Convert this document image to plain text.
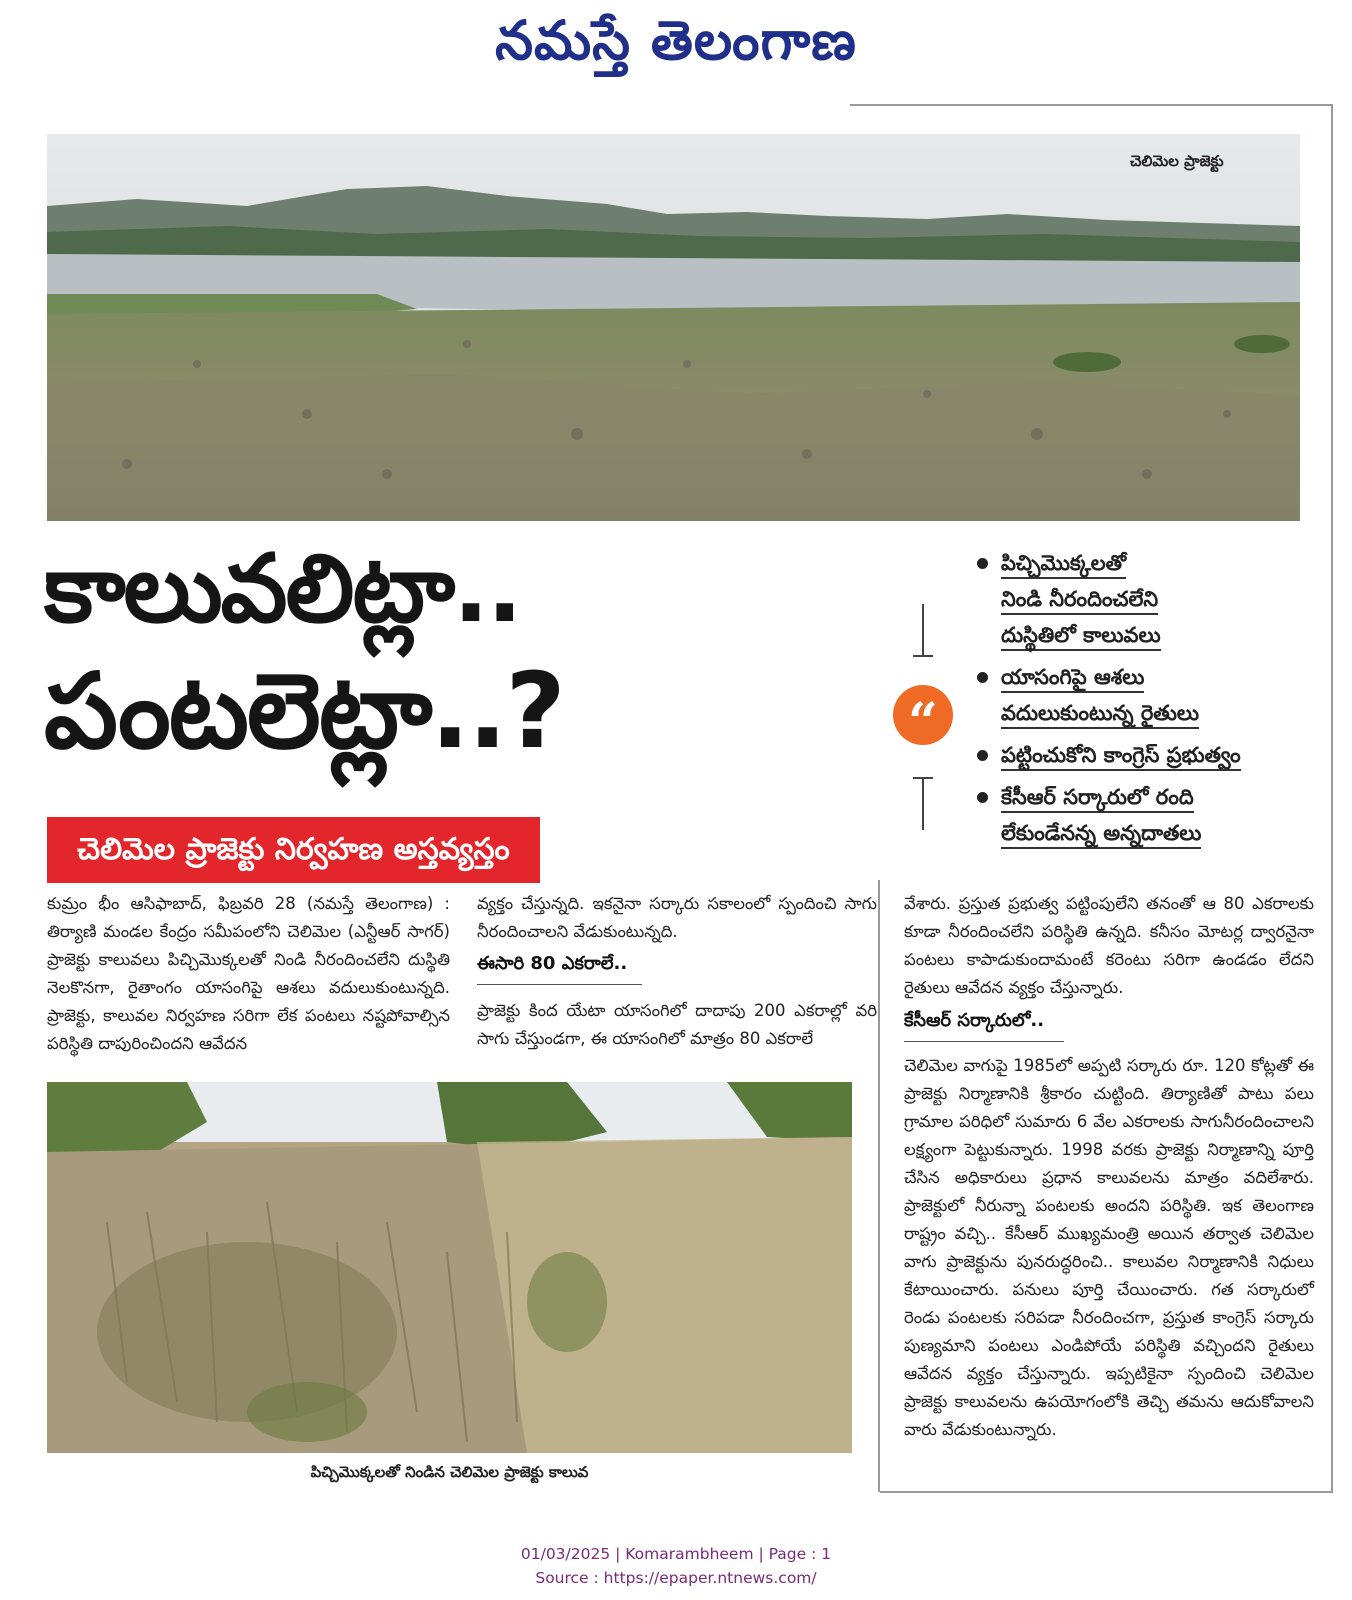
నమస్తే తెలంగాణ
చెలిమెల ప్రాజెక్టు
కాలువలిట్లా..
పంటలెట్లా..?
చెలిమెల ప్రాజెక్టు నిర్వహణ అస్తవ్యస్తం
“
పిచ్చిమొక్కలతో
నిండి నీరందించలేని
దుస్థితిలో కాలువలు
యాసంగిపై ఆశలు
వదులుకుంటున్న రైతులు
పట్టించుకోని కాంగ్రెస్ ప్రభుత్వం
కేసీఆర్ సర్కారులో రంది
లేకుండేనన్న అన్నదాతలు
కుమ్రం భీం ఆసిఫాబాద్, ఫిబ్రవరి 28 (నమస్తే తెలంగాణ) : తిర్యాణి మండల కేంద్రం సమీపంలోని చెలిమెల (ఎన్టీఆర్ సాగర్) ప్రాజెక్టు కాలువలు పిచ్చిమొక్కలతో నిండి నీరందించలేని దుస్థితి నెలకొనగా, రైతాంగం యాసంగిపై ఆశలు వదులుకుంటున్నది. ప్రాజెక్టు, కాలువల నిర్వహణ సరిగా లేక పంటలు నష్టపోవాల్సిన పరిస్థితి దాపురించిందని ఆవేదన
వ్యక్తం చేస్తున్నది. ఇకనైనా సర్కారు సకాలంలో స్పందించి సాగు నీరందించాలని వేడుకుంటున్నది.
ఈసారి 80 ఎకరాలే..
ప్రాజెక్టు కింద యేటా యాసంగిలో దాదాపు 200 ఎకరాల్లో వరి సాగు చేస్తుండగా, ఈ యాసంగిలో మాత్రం 80 ఎకరాలే
వేశారు. ప్రస్తుత ప్రభుత్వ పట్టింపులేని తనంతో ఆ 80 ఎకరాలకు కూడా నీరందించలేని పరిస్థితి ఉన్నది. కనీసం మోటర్ల ద్వారనైనా పంటలు కాపాడుకుందామంటే కరెంటు సరిగా ఉండడం లేదని రైతులు ఆవేదన వ్యక్తం చేస్తున్నారు.
కేసీఆర్ సర్కారులో..
చెలిమెల వాగుపై 1985లో అప్పటి సర్కారు రూ. 120 కోట్లతో ఈ ప్రాజెక్టు నిర్మాణానికి శ్రీకారం చుట్టింది. తిర్యాణితో పాటు పలు గ్రామాల పరిధిలో సుమారు 6 వేల ఎకరాలకు సాగునీరందించాలని లక్ష్యంగా పెట్టుకున్నారు. 1998 వరకు ప్రాజెక్టు నిర్మాణాన్ని పూర్తి చేసిన అధికారులు ప్రధాన కాలువలను మాత్రం వదిలేశారు. ప్రాజెక్టులో నీరున్నా పంటలకు అందని పరిస్థితి. ఇక తెలంగాణ రాష్ట్రం వచ్చి.. కేసీఆర్ ముఖ్యమంత్రి అయిన తర్వాత చెలిమెల వాగు ప్రాజెక్టును పునరుద్ధరించి.. కాలువల నిర్మాణానికి నిధులు కేటాయించారు. పనులు పూర్తి చేయించారు. గత సర్కారులో రెండు పంటలకు సరిపడా నీరందించగా, ప్రస్తుత కాంగ్రెస్ సర్కారు పుణ్యమాని పంటలు ఎండిపోయే పరిస్థితి వచ్చిందని రైతులు ఆవేదన వ్యక్తం చేస్తున్నారు. ఇప్పటికైనా స్పందించి చెలిమెల ప్రాజెక్టు కాలువలను ఉపయోగంలోకి తెచ్చి తమను ఆదుకోవాలని వారు వేడుకుంటున్నారు.
పిచ్చిమొక్కలతో నిండిన చెలిమెల ప్రాజెక్టు కాలువ
01/03/2025 | Komarambheem | Page : 1
Source : https://epaper.ntnews.com/
